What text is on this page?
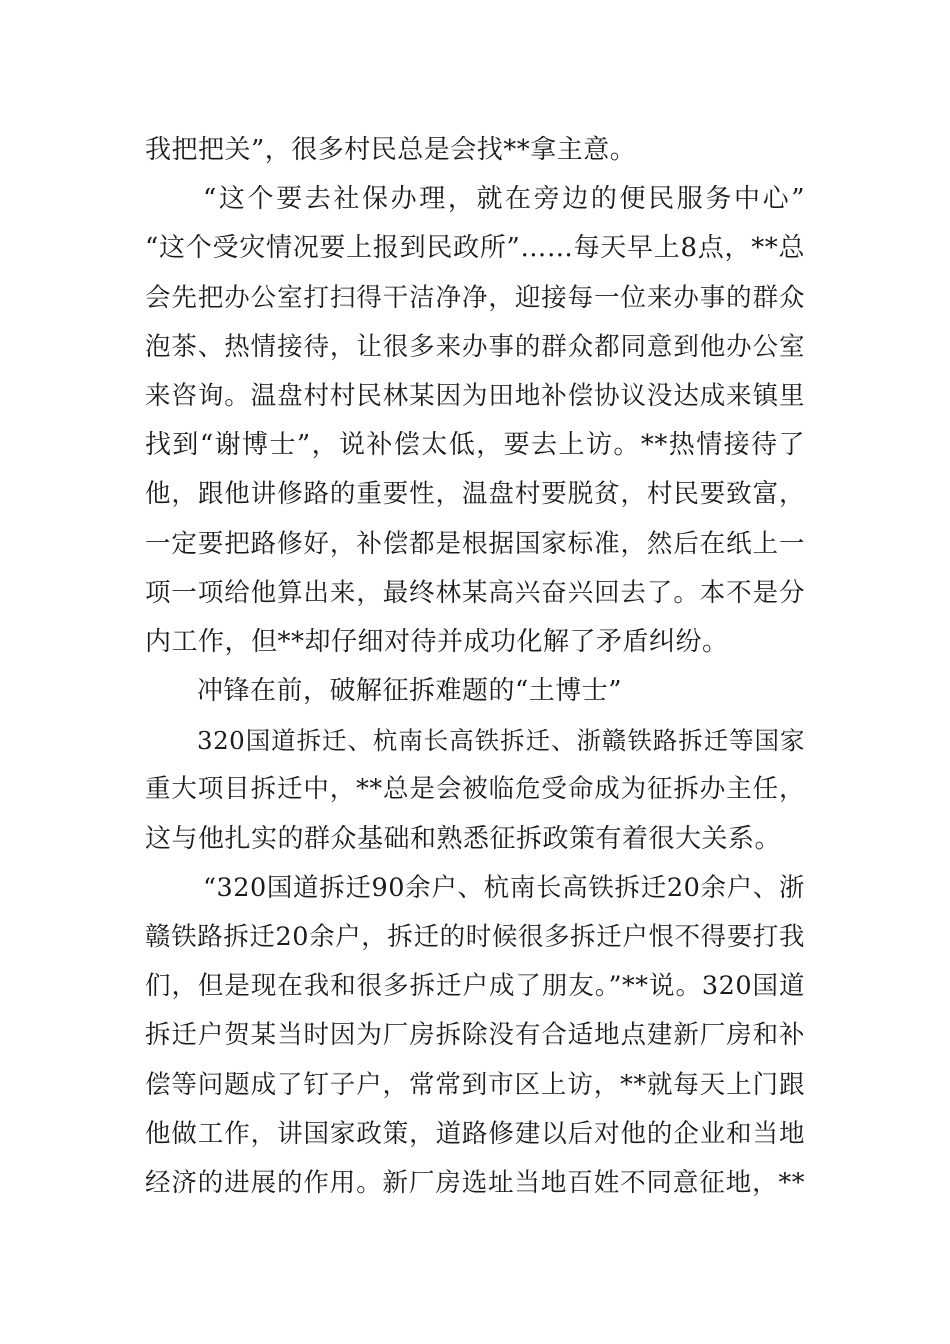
我把把关”，很多村民总是会找**拿主意。
“这个要去社保办理，就在旁边的便民服务中心”
“这个受灾情况要上报到民政所”……每天早上8点，**总
会先把办公室打扫得干洁净净，迎接每一位来办事的群众
泡茶、热情接待，让很多来办事的群众都同意到他办公室
来咨询。温盘村村民林某因为田地补偿协议没达成来镇里
找到“谢博士”，说补偿太低，要去上访。**热情接待了
他，跟他讲修路的重要性，温盘村要脱贫，村民要致富，
一定要把路修好，补偿都是根据国家标准，然后在纸上一
项一项给他算出来，最终林某高兴奋兴回去了。本不是分
内工作，但**却仔细对待并成功化解了矛盾纠纷。
冲锋在前，破解征拆难题的“土博士”
320国道拆迁、杭南长高铁拆迁、浙赣铁路拆迁等国家
重大项目拆迁中，**总是会被临危受命成为征拆办主任，
这与他扎实的群众基础和熟悉征拆政策有着很大关系。
“320国道拆迁90余户、杭南长高铁拆迁20余户、浙
赣铁路拆迁20余户，拆迁的时候很多拆迁户恨不得要打我
们，但是现在我和很多拆迁户成了朋友。”**说。320国道
拆迁户贺某当时因为厂房拆除没有合适地点建新厂房和补
偿等问题成了钉子户，常常到市区上访，**就每天上门跟
他做工作，讲国家政策，道路修建以后对他的企业和当地
经济的进展的作用。新厂房选址当地百姓不同意征地，**
